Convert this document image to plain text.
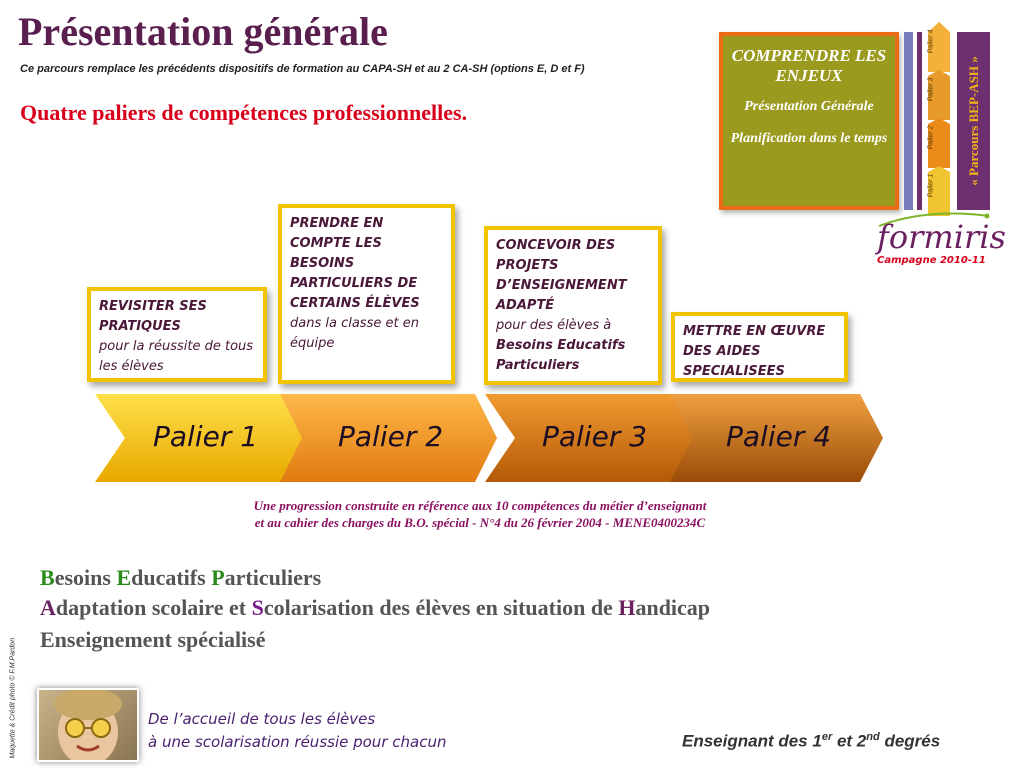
Présentation générale
Ce parcours remplace les précédents dispositifs de formation au CAPA-SH et au 2 CA-SH (options E, D et F)
Quatre paliers de compétences professionnelles.
REVISITER SES PRATIQUES
pour la réussite de tous les élèves
PRENDRE EN COMPTE LES BESOINS PARTICULIERS DE CERTAINS ÉLÈVES
dans la classe et en équipe
CONCEVOIR DES PROJETS D’ENSEIGNEMENT ADAPTÉ
pour des élèves à
Besoins Educatifs Particuliers
METTRE EN ŒUVRE DES AIDES SPECIALISEES
Palier 1	Palier 2	Palier 3	Palier 4
Une progression construite en référence aux 10 compétences du métier d’enseignant
et au cahier des charges du B.O. spécial - N°4 du 26 février 2004 - MENE0400234C
Besoins Educatifs Particuliers
Adaptation scolaire et Scolarisation des élèves en situation de Handicap
Enseignement spécialisé
Maquette & Crédit photo © F.M.Pardon	De l’accueil de tous les élèves
à une scolarisation réussie pour chacun	Enseignant des 1er et 2nd degrés
COMPRENDRE LES ENJEUX
Présentation Générale
Planification dans le temps
Palier 4
Palier 3
Palier 2
Palier 1 « Parcours BEP-ASH »
formiris
Campagne 2010-11
